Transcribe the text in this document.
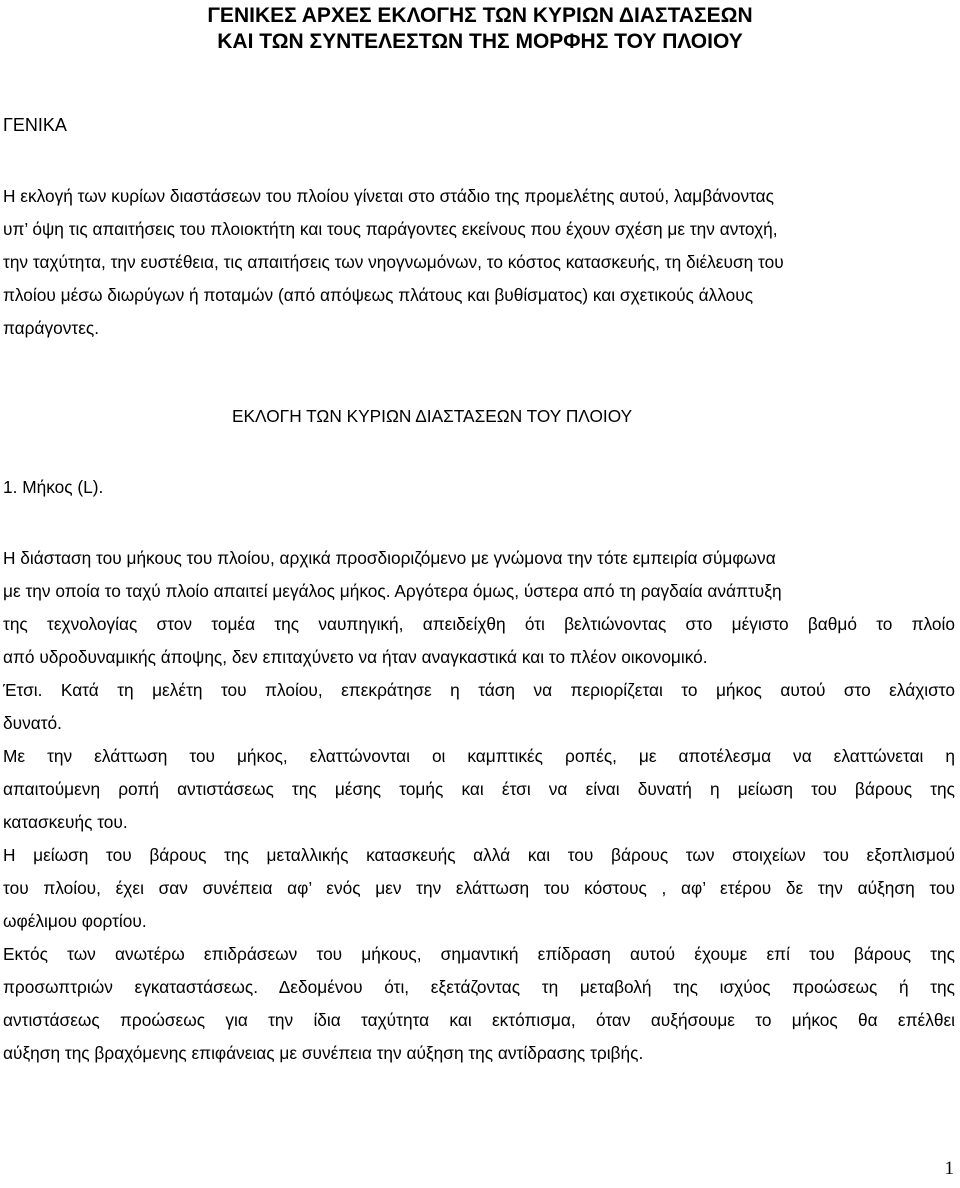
ΓΕΝΙΚΕΣ ΑΡΧΕΣ ΕΚΛΟΓΗΣ ΤΩΝ ΚΥΡΙΩΝ ΔΙΑΣΤΑΣΕΩΝ
ΚΑΙ ΤΩΝ ΣΥΝΤΕΛΕΣΤΩΝ ΤΗΣ ΜΟΡΦΗΣ ΤΟΥ ΠΛΟΙΟΥ

ΓΕΝΙΚΑ

Η εκλογή των κυρίων διαστάσεων του πλοίου γίνεται στο στάδιο της προμελέτης αυτού, λαμβάνοντας
υπ’ όψη τις απαιτήσεις του πλοιοκτήτη και τους παράγοντες εκείνους που έχουν σχέση με την αντοχή,
την ταχύτητα, την ευστέθεια, τις απαιτήσεις των νηογνωμόνων, το κόστος κατασκευής, τη διέλευση του
πλοίου μέσω διωρύγων ή ποταμών (από απόψεως πλάτους και βυθίσματος) και σχετικούς άλλους
παράγοντες.

ΕΚΛΟΓΗ ΤΩΝ ΚΥΡΙΩΝ ΔΙΑΣΤΑΣΕΩΝ ΤΟΥ ΠΛΟΙΟΥ

1. Μήκος (L).

Η διάσταση του μήκους του πλοίου, αρχικά προσδιοριζόμενο με γνώμονα την τότε εμπειρία σύμφωνα
με την οποία το ταχύ πλοίο απαιτεί μεγάλος μήκος. Αργότερα όμως, ύστερα από τη ραγδαία ανάπτυξη
της τεχνολογίας στον τομέα της ναυπηγική, απειδείχθη ότι βελτιώνοντας στο μέγιστο βαθμό το πλοίο
από υδροδυναμικής άποψης, δεν επιταχύνετο να ήταν αναγκαστικά και το πλέον οικονομικό.
Έτσι. Κατά τη μελέτη του πλοίου, επεκράτησε η τάση να περιορίζεται το μήκος αυτού στο ελάχιστο
δυνατό.
Με την ελάττωση του μήκος, ελαττώνονται οι καμπτικές ροπές, με αποτέλεσμα να ελαττώνεται η
απαιτούμενη ροπή αντιστάσεως της μέσης τομής και έτσι να είναι δυνατή η μείωση του βάρους της
κατασκευής του.
Η μείωση του βάρους της μεταλλικής κατασκευής αλλά και του βάρους των στοιχείων του εξοπλισμού
του πλοίου, έχει σαν συνέπεια αφ’ ενός μεν την ελάττωση του κόστους , αφ’ ετέρου δε την αύξηση του
ωφέλιμου φορτίου.
Εκτός των ανωτέρω επιδράσεων του μήκους, σημαντική επίδραση αυτού έχουμε επί του βάρους της
προσωπτριών εγκαταστάσεως. Δεδομένου ότι, εξετάζοντας τη μεταβολή της ισχύος προώσεως ή της
αντιστάσεως προώσεως για την ίδια ταχύτητα και εκτόπισμα, όταν αυξήσουμε το μήκος θα επέλθει
αύξηση της βραχόμενης επιφάνειας με συνέπεια την αύξηση της αντίδρασης τριβής.
1
